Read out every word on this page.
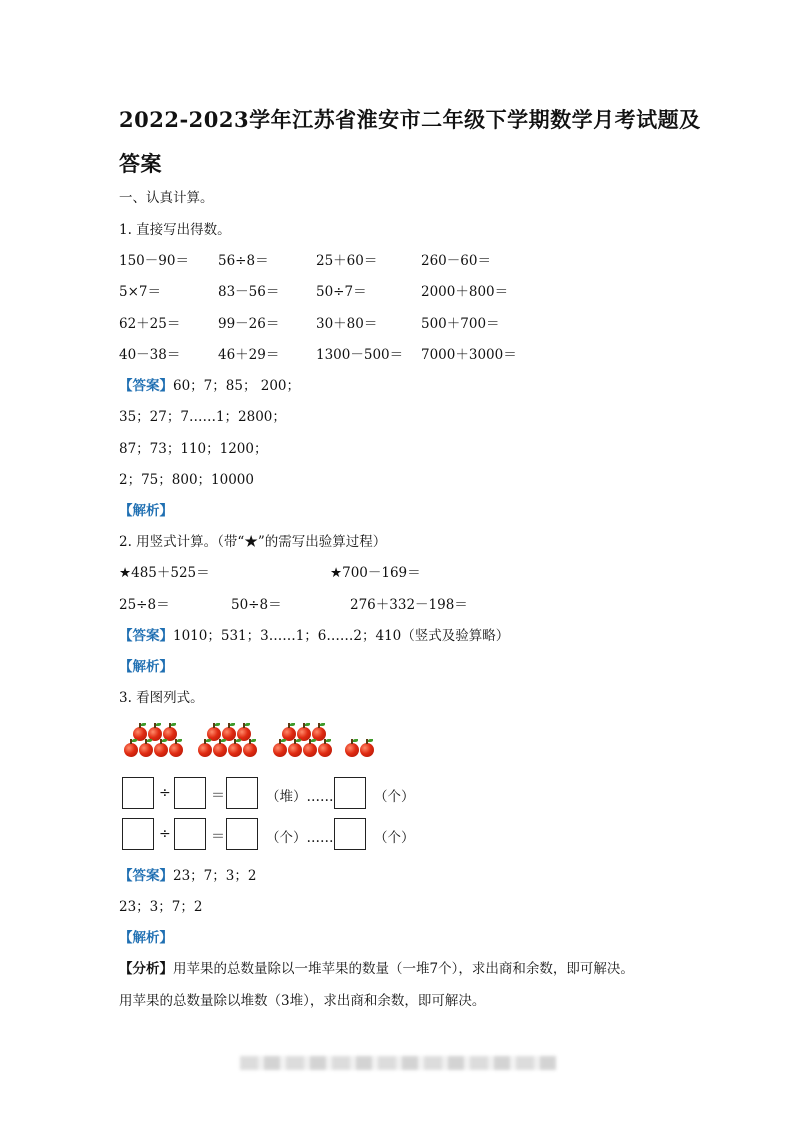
2022-2023学年江苏省淮安市二年级下学期数学月考试题及
答案
一、认真计算。
1. 直接写出得数。
150－90＝ 56÷8＝	25＋60＝	260－60＝
5×7＝	83－56＝	50÷7＝	2000＋800＝
62＋25＝	99－26＝	30＋80＝	500＋700＝
40－38＝	46＋29＝	1300－500＝ 7000＋3000＝
【答案】60；7；85； 200；
35；27；7……1；2800；
87；73；110；1200；
2；75；800；10000
【解析】
2. 用竖式计算。（带“★”的需写出验算过程）
★485＋525＝	★700－169＝
25÷8＝	50÷8＝	276＋332－198＝
【答案】1010；531；3……1；6……2；410（竖式及验算略）
【解析】
3. 看图列式。
÷	＝	（堆）……	（个）
÷	＝	（个）……	（个）
【答案】23；7；3；2
23；3；7；2
【解析】
【分析】用苹果的总数量除以一堆苹果的数量（一堆7个），求出商和余数，即可解决。
用苹果的总数量除以堆数（3堆），求出商和余数，即可解决。
